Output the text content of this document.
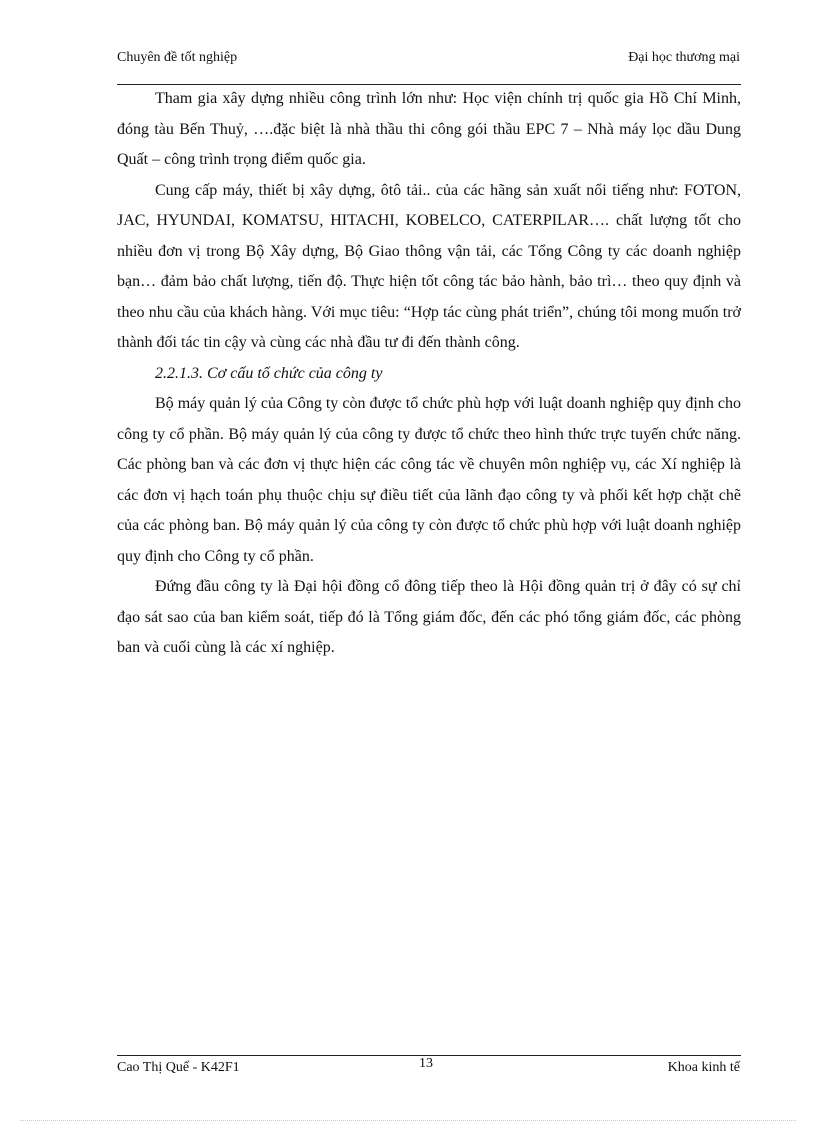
Chuyên đề tốt nghiệp	Đại học thương mại

Tham gia xây dựng nhiều công trình lớn như: Học viện chính trị quốc gia Hồ Chí Minh, đóng tàu Bến Thuỷ, ….đặc biệt là nhà thầu thi công gói thầu EPC 7 – Nhà máy lọc dầu Dung Quất – công trình trọng điểm quốc gia.

Cung cấp máy, thiết bị xây dựng, ôtô tải.. của các hãng sản xuất nổi tiếng như: FOTON, JAC, HYUNDAI, KOMATSU, HITACHI, KOBELCO, CATERPILAR…. chất lượng tốt cho nhiều đơn vị trong Bộ Xây dựng, Bộ Giao thông vận tải, các Tổng Công ty các doanh nghiệp bạn… đảm bảo chất lượng, tiến độ. Thực hiện tốt công tác bảo hành, bảo trì… theo quy định và theo nhu cầu của khách hàng. Với mục tiêu: “Hợp tác cùng phát triển”, chúng tôi mong muốn trở thành đối tác tin cậy và cùng các nhà đầu tư đi đến thành công.

2.2.1.3. Cơ cấu tổ chức của công ty

Bộ máy quản lý của Công ty còn được tổ chức phù hợp với luật doanh nghiệp quy định cho công ty cổ phần. Bộ máy quản lý của công ty được tổ chức theo hình thức trực tuyến chức năng. Các phòng ban và các đơn vị thực hiện các công tác về chuyên môn nghiệp vụ, các Xí nghiệp là các đơn vị hạch toán phụ thuộc chịu sự điều tiết của lãnh đạo công ty và phối kết hợp chặt chẽ của các phòng ban. Bộ máy quản lý của công ty còn được tổ chức phù hợp với luật doanh nghiệp quy định cho Công ty cổ phần.

Đứng đầu công ty là Đại hội đồng cổ đông tiếp theo là Hội đồng quản trị ở đây có sự chỉ đạo sát sao của ban kiểm soát, tiếp đó là Tổng giám đốc, đến các phó tổng giám đốc, các phòng ban và cuối cùng là các xí nghiệp.

Cao Thị Quế - K42F1	13	Khoa kinh tế
